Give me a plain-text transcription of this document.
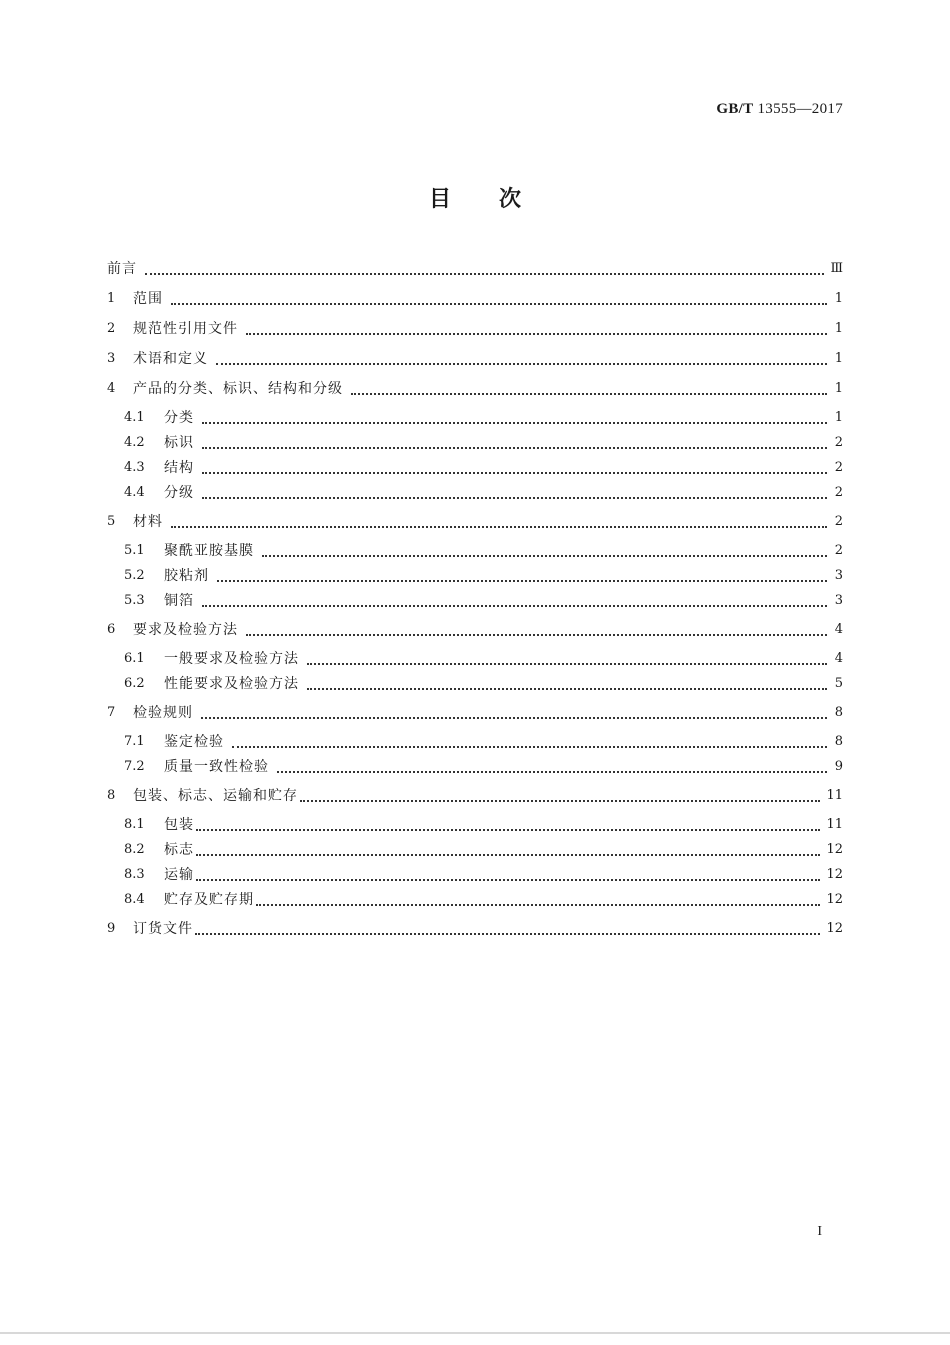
GB/T 13555—2017
目 次
前言	Ⅲ
1	范围	1
2	规范性引用文件	1
3	术语和定义	1
4	产品的分类、标识、结构和分级	1
4.1	分类	1
4.2	标识	2
4.3	结构	2
4.4	分级	2
5	材料	2
5.1	聚酰亚胺基膜	2
5.2	胶粘剂	3
5.3	铜箔	3
6	要求及检验方法	4
6.1	一般要求及检验方法	4
6.2	性能要求及检验方法	5
7	检验规则	8
7.1	鉴定检验	8
7.2	质量一致性检验	9
8	包装、标志、运输和贮存	11
8.1	包装	11
8.2	标志	12
8.3	运输	12
8.4	贮存及贮存期	12
9	订货文件	12
I
